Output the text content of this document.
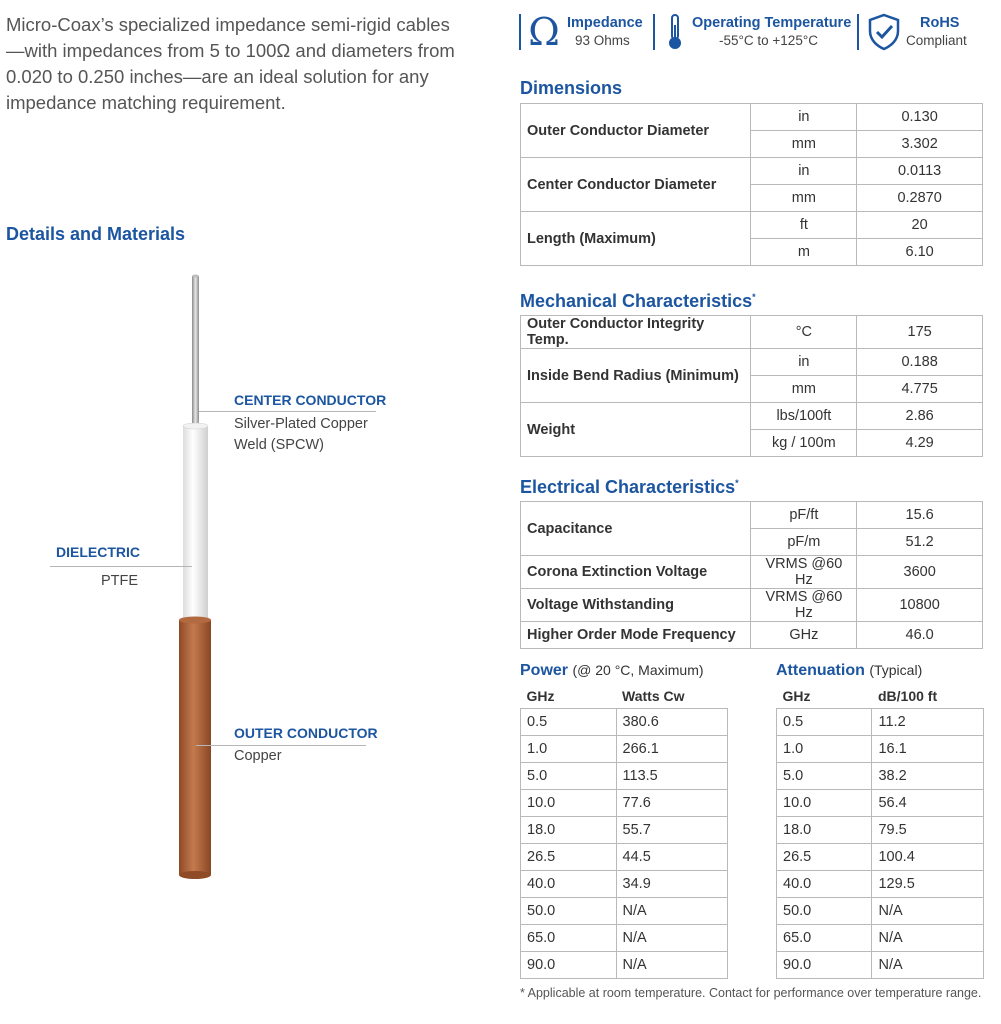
Micro-Coax’s specialized impedance semi-rigid cables—with impedances from 5 to 100Ω and diameters from 0.020 to 0.250 inches—are an ideal solution for any impedance matching requirement.
Ω Impedance
93 Ohms
Operating Temperature
-55°C to +125°C
RoHS
Compliant
Details and Materials
CENTER CONDUCTOR
Silver-Plated Copper
Weld (SPCW)
DIELECTRIC
PTFE
OUTER CONDUCTOR
Copper
Dimensions
Outer Conductor Diameter	in	0.130
	mm	3.302
Center Conductor Diameter	in	0.0113
	mm	0.2870
Length (Maximum)	ft	20
	m	6.10
Mechanical Characteristics*
Outer Conductor Integrity Temp.	°C	175
Inside Bend Radius (Minimum)	in	0.188
	mm	4.775
Weight	lbs/100ft	2.86
	kg / 100m	4.29
Electrical Characteristics*
Capacitance	pF/ft	15.6
	pF/m	51.2
Corona Extinction Voltage	VRMS @60 Hz	3600
Voltage Withstanding	VRMS @60 Hz	10800
Higher Order Mode Frequency	GHz	46.0
Power (@ 20 °C, Maximum)
GHz	Watts Cw
0.5	380.6
1.0	266.1
5.0	113.5
10.0	77.6
18.0	55.7
26.5	44.5
40.0	34.9
50.0	N/A
65.0	N/A
90.0	N/A
Attenuation (Typical)
GHz	dB/100 ft
0.5	11.2
1.0	16.1
5.0	38.2
10.0	56.4
18.0	79.5
26.5	100.4
40.0	129.5
50.0	N/A
65.0	N/A
90.0	N/A
* Applicable at room temperature. Contact for performance over temperature range.
